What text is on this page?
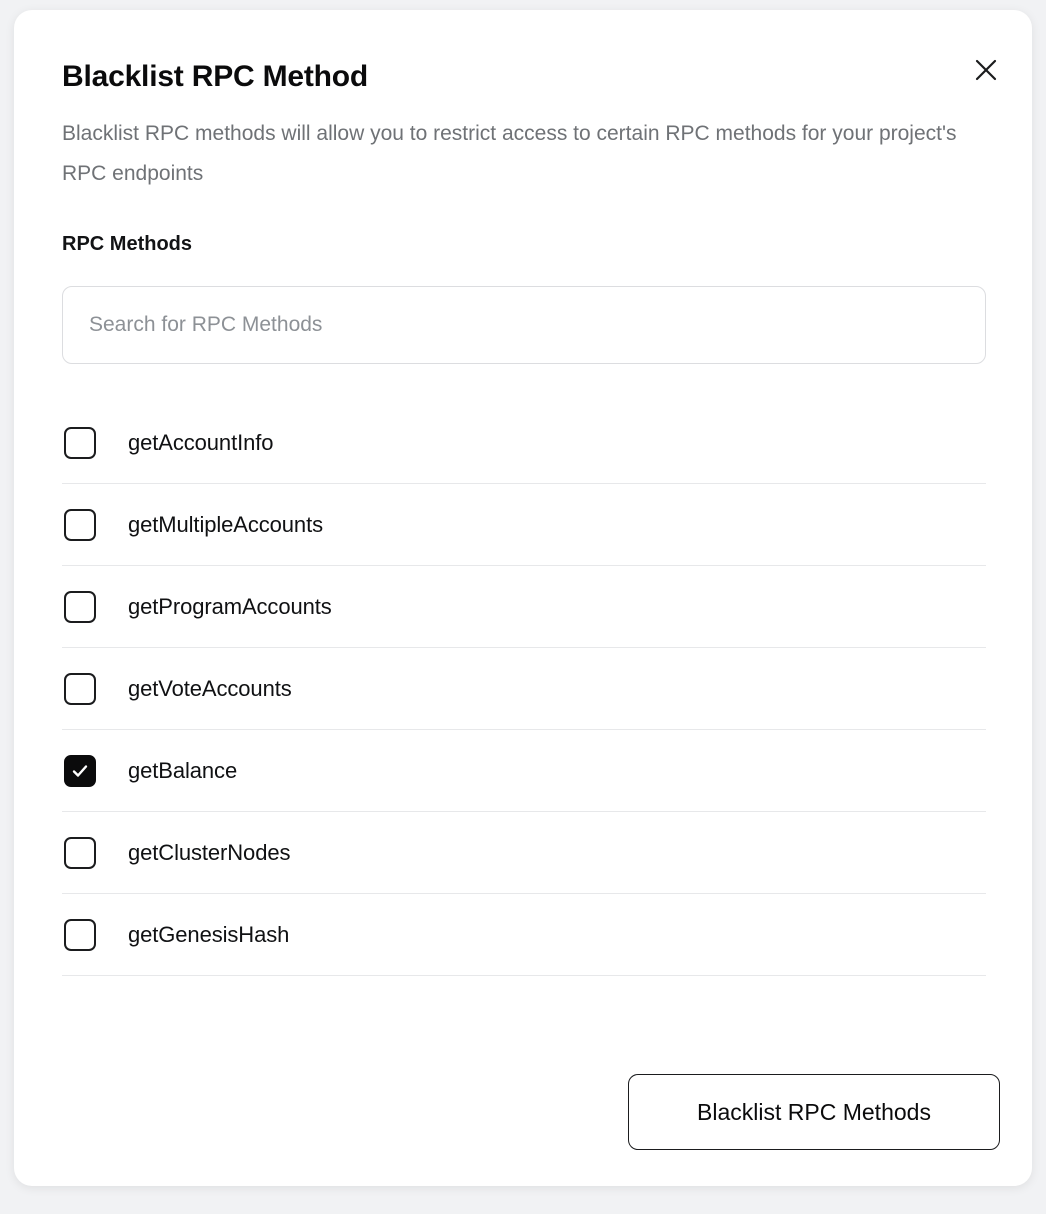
Blacklist RPC Method
Blacklist RPC methods will allow you to restrict access to certain RPC methods for your project's RPC endpoints
RPC Methods
Search for RPC Methods
getAccountInfo
getMultipleAccounts
getProgramAccounts
getVoteAccounts
getBalance
getClusterNodes
getGenesisHash
Blacklist RPC Methods
